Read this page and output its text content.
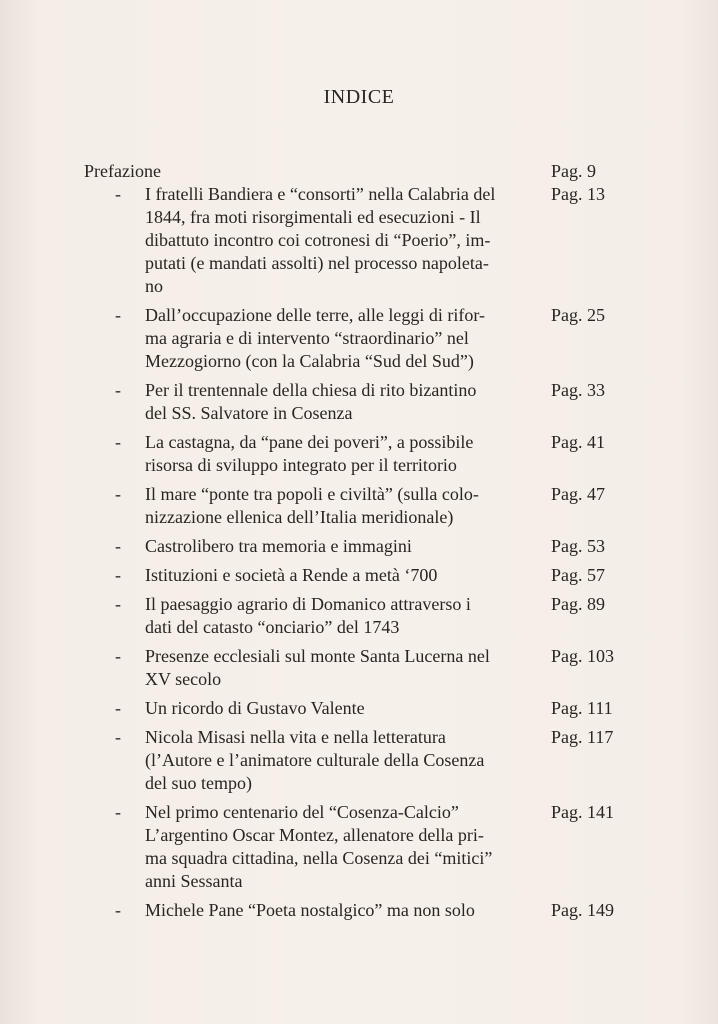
INDICE
Prefazione	Pag. 9
- I fratelli Bandiera e “consorti” nella Calabria del
1844, fra moti risorgimentali ed esecuzioni - Il
dibattuto incontro coi cotronesi di “Poerio”, im-
putati (e mandati assolti) nel processo napoleta-
no
Pag. 13
- Dall’occupazione delle terre, alle leggi di rifor-
ma agraria e di intervento “straordinario” nel
Mezzogiorno (con la Calabria “Sud del Sud”)
Pag. 25
- Per il trentennale della chiesa di rito bizantino
del SS. Salvatore in Cosenza
Pag. 33
- La castagna, da “pane dei poveri”, a possibile
risorsa di sviluppo integrato per il territorio
Pag. 41
- Il mare “ponte tra popoli e civiltà” (sulla colo-
nizzazione ellenica dell’Italia meridionale)
Pag. 47
- Castrolibero tra memoria e immagini	Pag. 53
- Istituzioni e società a Rende a metà ‘700	Pag. 57
- Il paesaggio agrario di Domanico attraverso i
dati del catasto “onciario” del 1743
Pag. 89
- Presenze ecclesiali sul monte Santa Lucerna nel
XV secolo
Pag. 103
- Un ricordo di Gustavo Valente	Pag. 111
- Nicola Misasi nella vita e nella letteratura
(l’Autore e l’animatore culturale della Cosenza
del suo tempo)
Pag. 117
- Nel primo centenario del “Cosenza-Calcio”
L’argentino Oscar Montez, allenatore della pri-
ma squadra cittadina, nella Cosenza dei “mitici”
anni Sessanta
Pag. 141
- Michele Pane “Poeta nostalgico” ma non solo	Pag. 149
